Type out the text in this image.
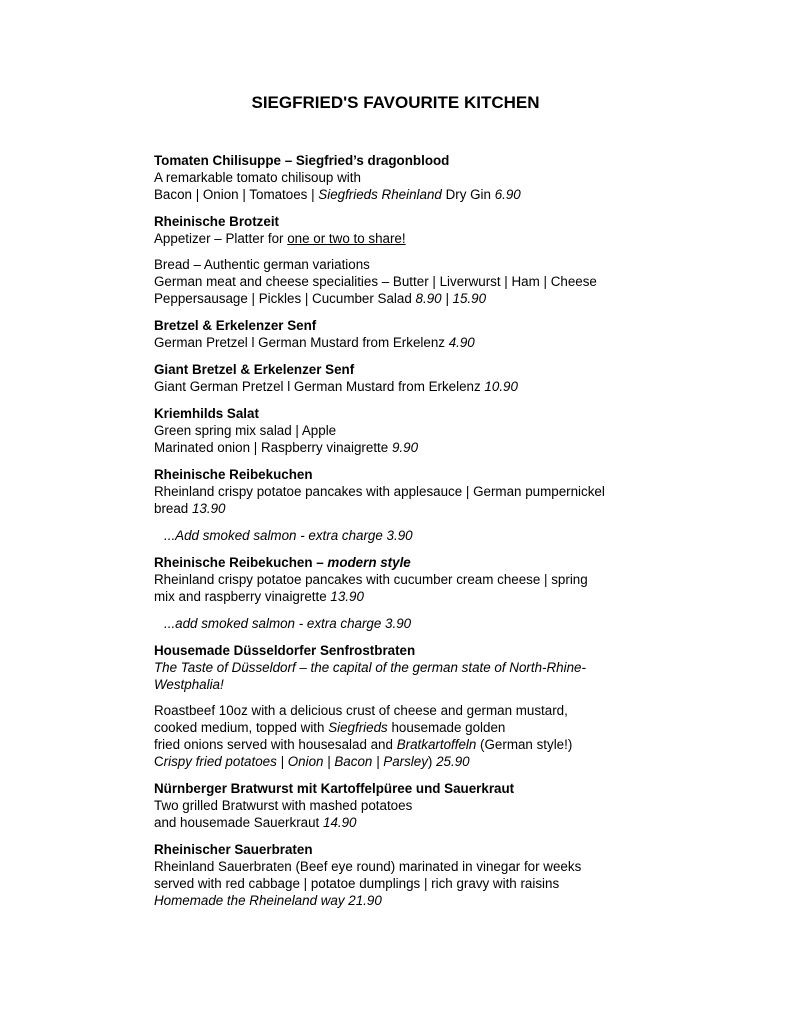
SIEGFRIED'S FAVOURITE KITCHEN
Tomaten Chilisuppe – Siegfried’s dragonblood
A remarkable tomato chilisoup with
Bacon | Onion | Tomatoes | Siegfrieds Rheinland Dry Gin 6.90
Rheinische Brotzeit
Appetizer – Platter for one or two to share!
Bread – Authentic german variations
German meat and cheese specialities – Butter | Liverwurst | Ham | Cheese
Peppersausage | Pickles | Cucumber Salad 8.90 | 15.90
Bretzel & Erkelenzer Senf
German Pretzel l German Mustard from Erkelenz 4.90
Giant Bretzel & Erkelenzer Senf
Giant German Pretzel l German Mustard from Erkelenz 10.90
Kriemhilds Salat
Green spring mix salad | Apple
Marinated onion | Raspberry vinaigrette 9.90
Rheinische Reibekuchen
Rheinland crispy potatoe pancakes with applesauce | German pumpernickel
bread 13.90
...Add smoked salmon - extra charge 3.90
Rheinische Reibekuchen – modern style
Rheinland crispy potatoe pancakes with cucumber cream cheese | spring
mix and raspberry vinaigrette 13.90
...add smoked salmon - extra charge 3.90
Housemade Düsseldorfer Senfrostbraten
The Taste of Düsseldorf – the capital of the german state of North-Rhine-
Westphalia!
Roastbeef 10oz with a delicious crust of cheese and german mustard,
cooked medium, topped with Siegfrieds housemade golden
fried onions served with housesalad and Bratkartoffeln (German style!)
Crispy fried potatoes | Onion | Bacon | Parsley) 25.90
Nürnberger Bratwurst mit Kartoffelpüree und Sauerkraut
Two grilled Bratwurst with mashed potatoes
and housemade Sauerkraut 14.90
Rheinischer Sauerbraten
Rheinland Sauerbraten (Beef eye round) marinated in vinegar for weeks
served with red cabbage | potatoe dumplings | rich gravy with raisins
Homemade the Rheineland way 21.90
